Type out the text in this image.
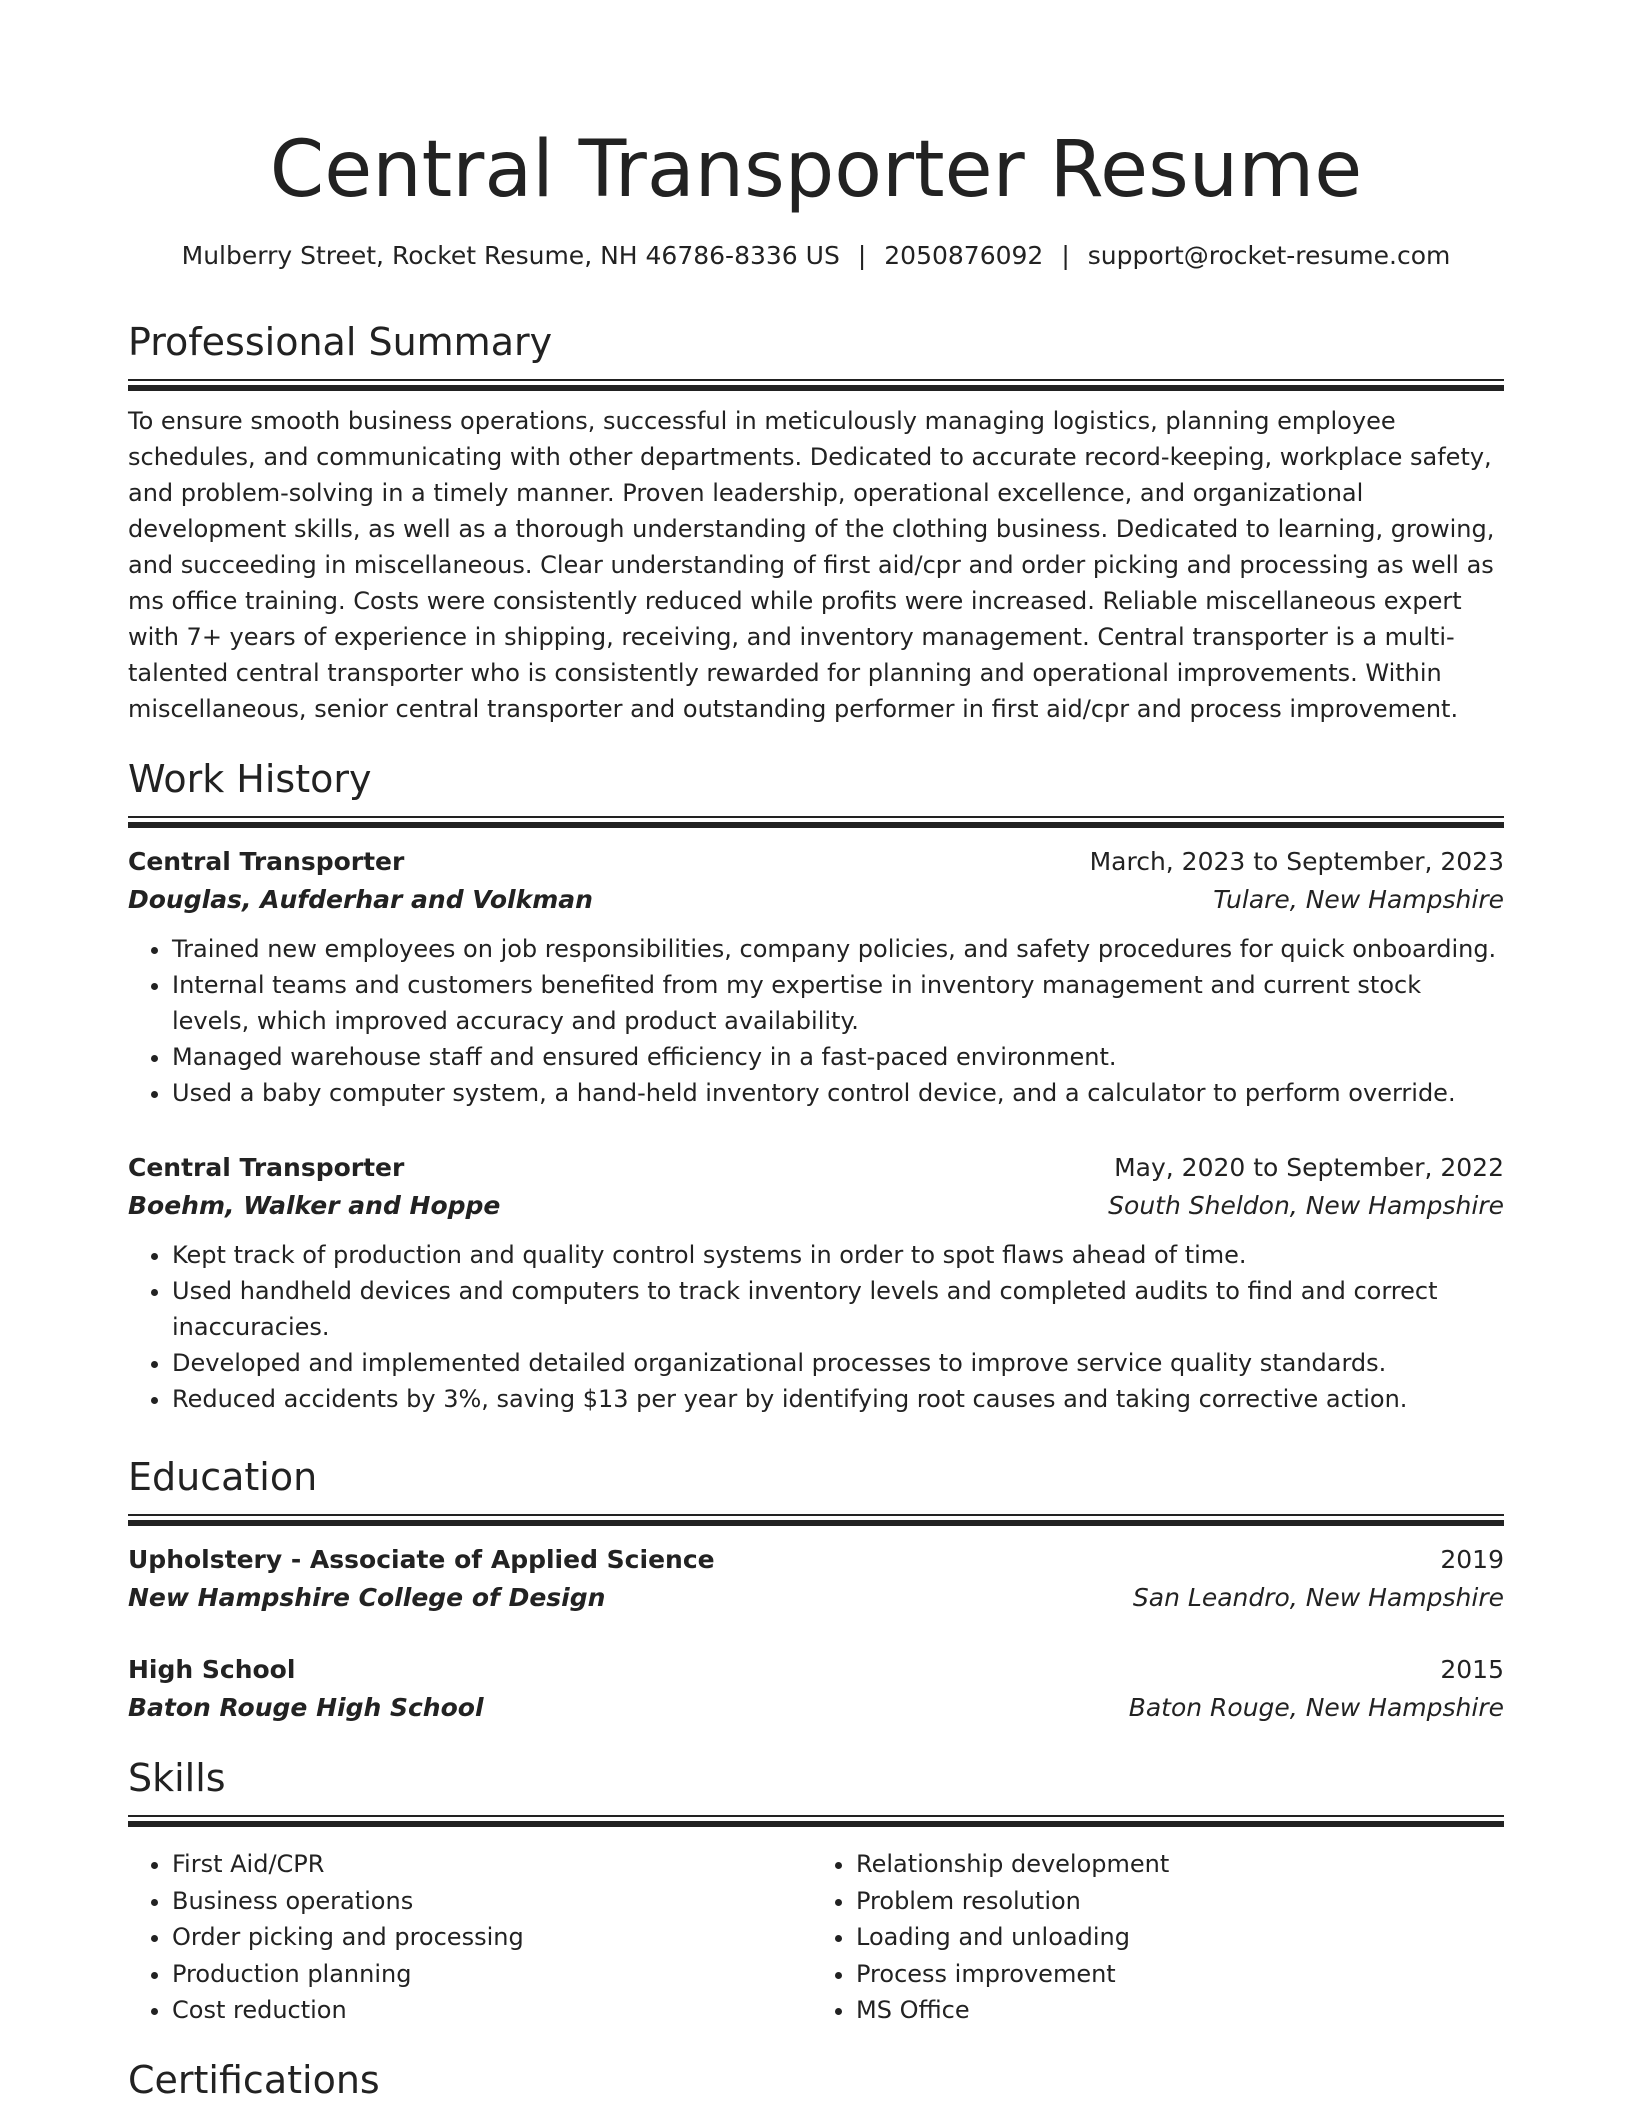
Central Transporter Resume
Mulberry Street, Rocket Resume, NH 46786-8336 US | 2050876092 | support@rocket-resume.com
Professional Summary

To ensure smooth business operations, successful in meticulously managing logistics, planning employee schedules, and communicating with other departments. Dedicated to accurate record-keeping, workplace safety, and problem-solving in a timely manner. Proven leadership, operational excellence, and organizational development skills, as well as a thorough understanding of the clothing business. Dedicated to learning, growing, and succeeding in miscellaneous. Clear understanding of first aid/cpr and order picking and processing as well as ms office training. Costs were consistently reduced while profits were increased. Reliable miscellaneous expert with 7+ years of experience in shipping, receiving, and inventory management. Central transporter is a multi-talented central transporter who is consistently rewarded for planning and operational improvements. Within miscellaneous, senior central transporter and outstanding performer in first aid/cpr and process improvement.

Work History
Central Transporter	March, 2023 to September, 2023
Douglas, Aufderhar and Volkman	Tulare, New Hampshire
• Trained new employees on job responsibilities, company policies, and safety procedures for quick onboarding.
• Internal teams and customers benefited from my expertise in inventory management and current stock levels, which improved accuracy and product availability.
• Managed warehouse staff and ensured efficiency in a fast-paced environment.
• Used a baby computer system, a hand-held inventory control device, and a calculator to perform override.
Central Transporter	May, 2020 to September, 2022
Boehm, Walker and Hoppe	South Sheldon, New Hampshire
• Kept track of production and quality control systems in order to spot flaws ahead of time.
• Used handheld devices and computers to track inventory levels and completed audits to find and correct inaccuracies.
• Developed and implemented detailed organizational processes to improve service quality standards.
• Reduced accidents by 3%, saving $13 per year by identifying root causes and taking corrective action.
Education
Upholstery - Associate of Applied Science	2019
New Hampshire College of Design	San Leandro, New Hampshire
High School	2015
Baton Rouge High School	Baton Rouge, New Hampshire
Skills
• First Aid/CPR
• Business operations
• Order picking and processing
• Production planning
• Cost reduction
• Relationship development
• Problem resolution
• Loading and unloading
• Process improvement
• MS Office
Certifications
